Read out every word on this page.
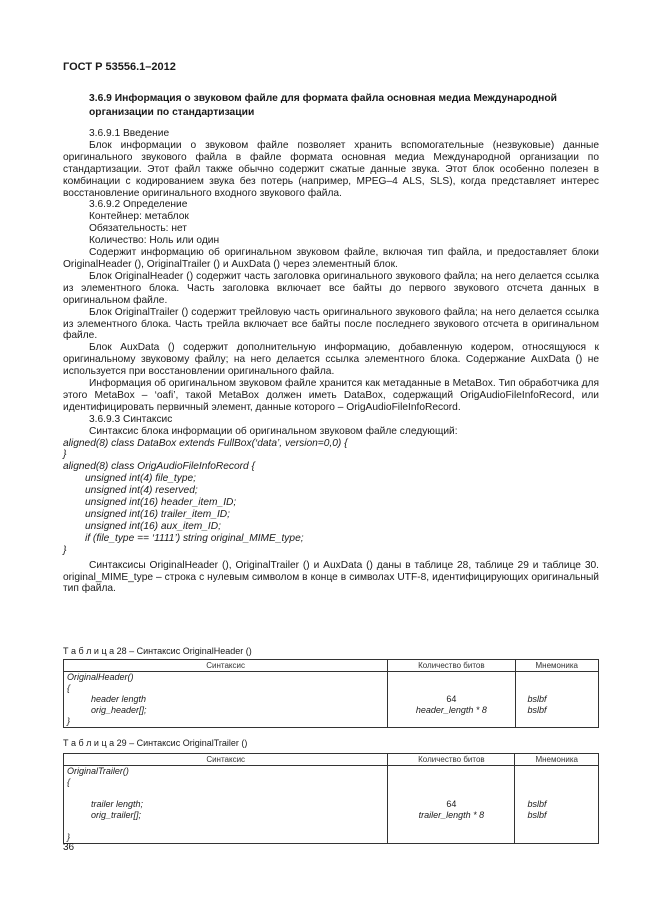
ГОСТ Р 53556.1–2012
3.6.9 Информация о звуковом файле для формата файла основная медиа Международной организации по стандартизации

3.6.9.1 Введение

Блок информации о звуковом файле позволяет хранить вспомогательные (незвуковые) данные оригинального звукового файла в файле формата основная медиа Международной организации по стандартизации. Этот файл также обычно содержит сжатые данные звука. Этот блок особенно полезен в комбинации с кодированием звука без потерь (например, MPEG–4 ALS, SLS), когда представляет интерес восстановление оригинального входного звукового файла.

3.6.9.2 Определение

Контейнер: метаблок

Обязательность: нет

Количество: Ноль или один

Содержит информацию об оригинальном звуковом файле, включая тип файла, и предоставляет блоки OriginalHeader (), OriginalTrailer () и AuxData () через элементный блок.

Блок OriginalHeader () содержит часть заголовка оригинального звукового файла; на него делается ссылка из элементного блока. Часть заголовка включает все байты до первого звукового отсчета данных в оригинальном файле.

Блок OriginalTrailer () содержит трейловую часть оригинального звукового файла; на него делается ссылка из элементного блока. Часть трейла включает все байты после последнего звукового отсчета в оригинальном файле.

Блок AuxData () содержит дополнительную информацию, добавленную кодером, относящуюся к оригинальному звуковому файлу; на него делается ссылка элементного блока. Содержание AuxData () не используется при восстановлении оригинального файла.

Информация об оригинальном звуковом файле хранится как метаданные в MetaBox. Тип обработчика для этого MetaBox – ‘oafi’, такой MetaBox должен иметь DataBox, содержащий OrigAudioFileInfoRecord, или идентифицировать первичный элемент, данные которого – OrigAudioFileInfoRecord.

3.6.9.3 Синтаксис

Синтаксис блока информации об оригинальном звуковом файле следующий:

aligned(8) class DataBox extends FullBox(‘data’, version=0,0) {

}

aligned(8) class OrigAudioFileInfoRecord {

unsigned int(4) file_type;

unsigned int(4) reserved;

unsigned int(16) header_item_ID;

unsigned int(16) trailer_item_ID;

unsigned int(16) aux_item_ID;

if (file_type == ‘1111’) string original_MIME_type;

}

Синтаксисы OriginalHeader (), OriginalTrailer () и AuxData () даны в таблице 28, таблице 29 и таблице 30. original_MIME_type – строка с нулевым символом в конце в символах UTF-8, идентифицирующих оригинальный тип файла.

Т а б л и ц а 28 – Синтаксис OriginalHeader ()
Синтаксис	Количество битов	Мнемоника
OriginalHeader()		
{		
header length	64	bslbf
orig_header[];	header_length * 8	bslbf
}		
Т а б л и ц а 29 – Синтаксис OriginalTrailer ()
Синтаксис	Количество битов	Мнемоника
OriginalTrailer()		
{		

trailer length;	64	bslbf
orig_trailer[];	trailer_length * 8	bslbf

}		
36
